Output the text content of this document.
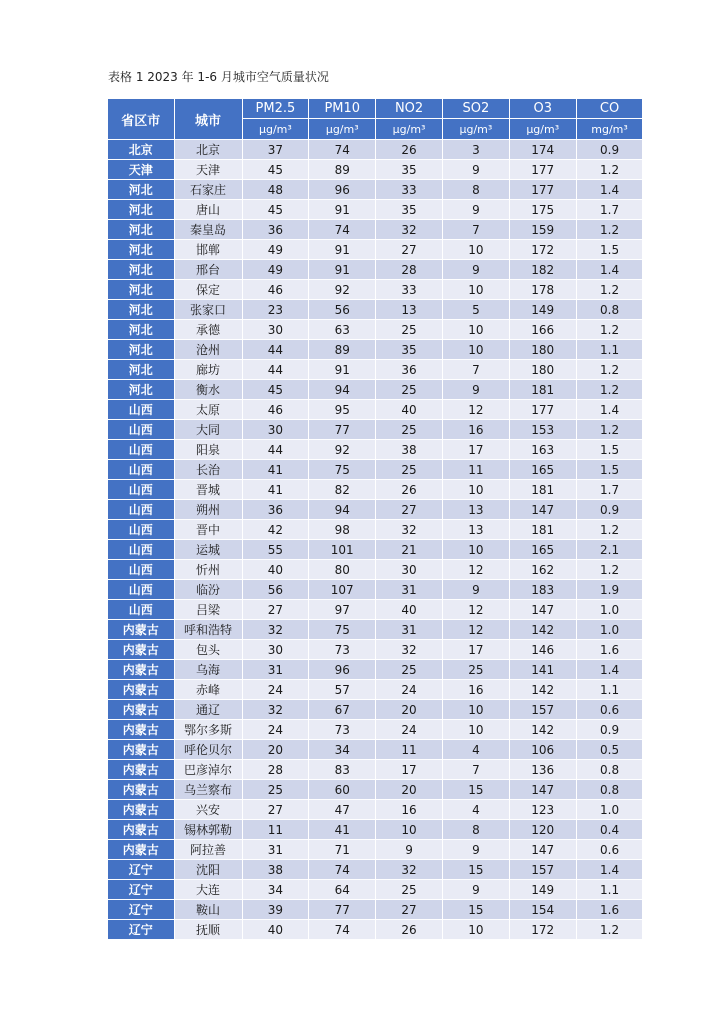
表格 1 2023 年 1-6 月城市空气质量状况
省区市	城市	PM2.5	PM10	NO2	SO2	O3	CO
		μg/m³	μg/m³	μg/m³	μg/m³	μg/m³	mg/m³
北京	北京	37	74	26	3	174	0.9
天津	天津	45	89	35	9	177	1.2
河北	石家庄	48	96	33	8	177	1.4
河北	唐山	45	91	35	9	175	1.7
河北	秦皇岛	36	74	32	7	159	1.2
河北	邯郸	49	91	27	10	172	1.5
河北	邢台	49	91	28	9	182	1.4
河北	保定	46	92	33	10	178	1.2
河北	张家口	23	56	13	5	149	0.8
河北	承德	30	63	25	10	166	1.2
河北	沧州	44	89	35	10	180	1.1
河北	廊坊	44	91	36	7	180	1.2
河北	衡水	45	94	25	9	181	1.2
山西	太原	46	95	40	12	177	1.4
山西	大同	30	77	25	16	153	1.2
山西	阳泉	44	92	38	17	163	1.5
山西	长治	41	75	25	11	165	1.5
山西	晋城	41	82	26	10	181	1.7
山西	朔州	36	94	27	13	147	0.9
山西	晋中	42	98	32	13	181	1.2
山西	运城	55	101	21	10	165	2.1
山西	忻州	40	80	30	12	162	1.2
山西	临汾	56	107	31	9	183	1.9
山西	吕梁	27	97	40	12	147	1.0
内蒙古	呼和浩特	32	75	31	12	142	1.0
内蒙古	包头	30	73	32	17	146	1.6
内蒙古	乌海	31	96	25	25	141	1.4
内蒙古	赤峰	24	57	24	16	142	1.1
内蒙古	通辽	32	67	20	10	157	0.6
内蒙古	鄂尔多斯	24	73	24	10	142	0.9
内蒙古	呼伦贝尔	20	34	11	4	106	0.5
内蒙古	巴彦淖尔	28	83	17	7	136	0.8
内蒙古	乌兰察布	25	60	20	15	147	0.8
内蒙古	兴安	27	47	16	4	123	1.0
内蒙古	锡林郭勒	11	41	10	8	120	0.4
内蒙古	阿拉善	31	71	9	9	147	0.6
辽宁	沈阳	38	74	32	15	157	1.4
辽宁	大连	34	64	25	9	149	1.1
辽宁	鞍山	39	77	27	15	154	1.6
辽宁	抚顺	40	74	26	10	172	1.2
